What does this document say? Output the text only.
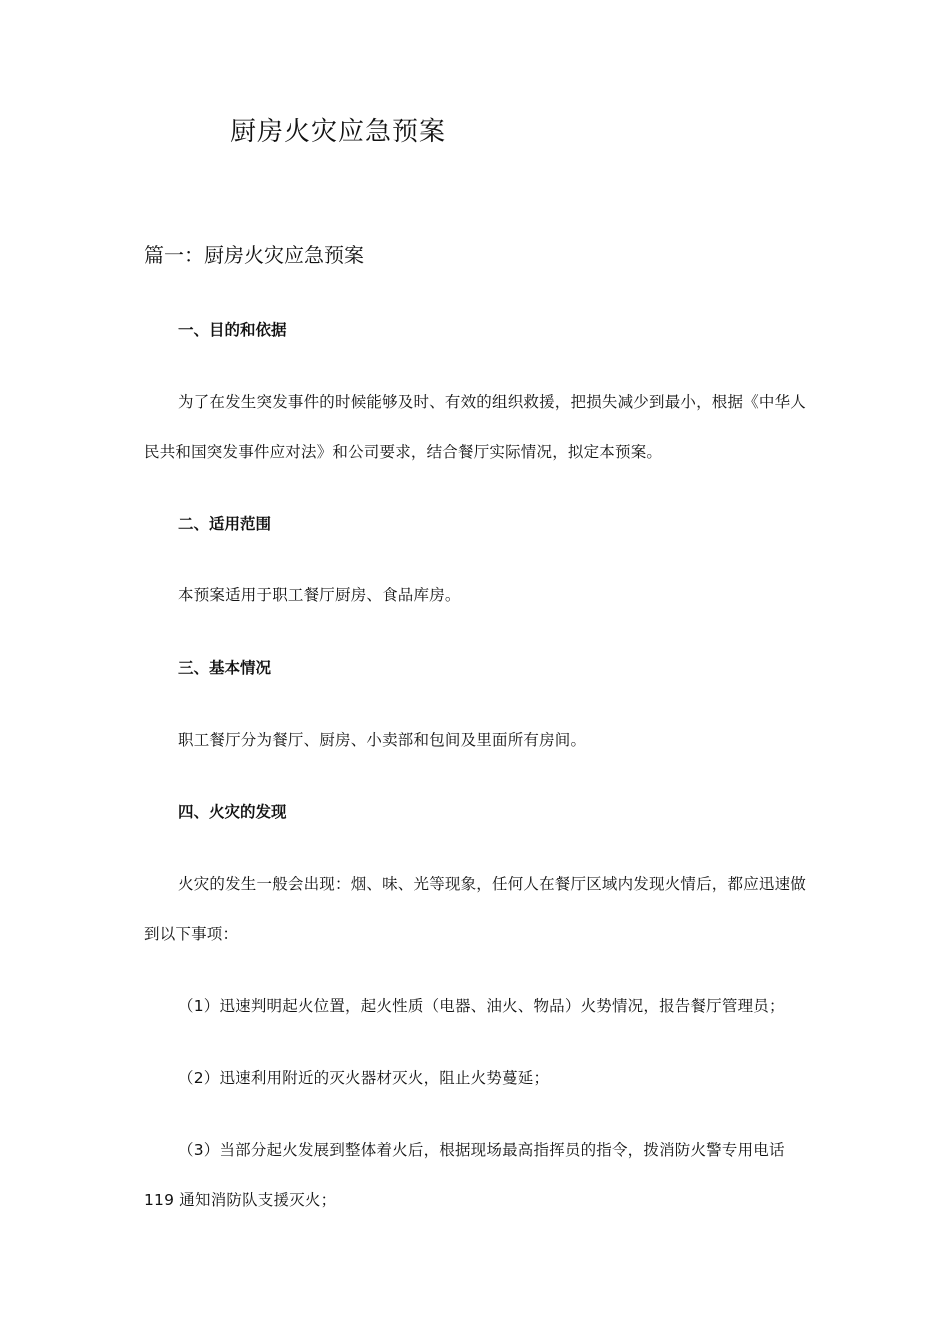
厨房火灾应急预案
篇一：厨房火灾应急预案
一、目的和依据
为了在发生突发事件的时候能够及时、有效的组织救援，把损失减少到最小，根据《中华人民共和国突发事件应对法》和公司要求，结合餐厅实际情况，拟定本预案。
二、适用范围
本预案适用于职工餐厅厨房、食品库房。
三、基本情况
职工餐厅分为餐厅、厨房、小卖部和包间及里面所有房间。
四、火灾的发现
火灾的发生一般会出现：烟、味、光等现象，任何人在餐厅区域内发现火情后，都应迅速做到以下事项：
（1）迅速判明起火位置，起火性质（电器、油火、物品）火势情况，报告餐厅管理员；
（2）迅速利用附近的灭火器材灭火，阻止火势蔓延；
（3）当部分起火发展到整体着火后，根据现场最高指挥员的指令，拨消防火警专用电话 119 通知消防队支援灭火；
